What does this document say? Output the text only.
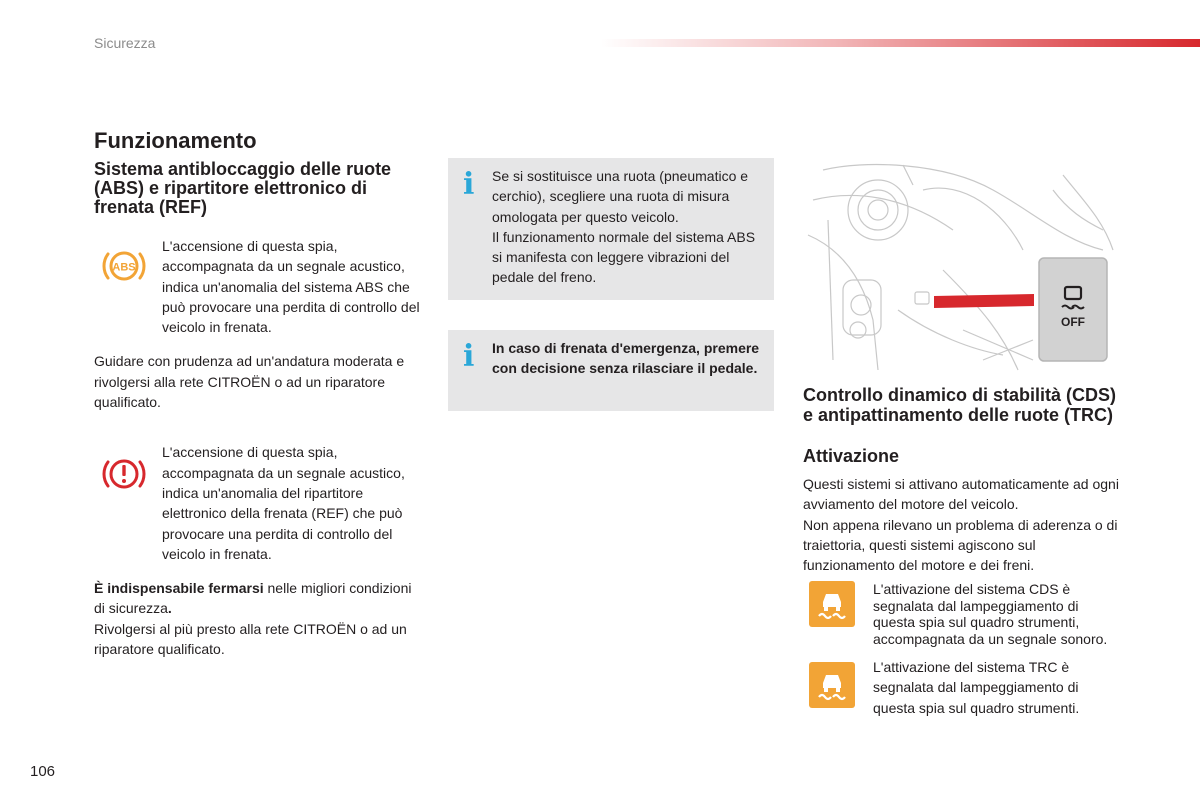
Sicurezza
Funzionamento
Sistema antibloccaggio delle ruote (ABS) e ripartitore elettronico di frenata (REF)
ABS
L'accensione di questa spia, accompagnata da un segnale acustico, indica un'anomalia del sistema ABS che può provocare una perdita di controllo del veicolo in frenata.

Guidare con prudenza ad un'andatura moderata e rivolgersi alla rete CITROËN o ad un riparatore qualificato.

L'accensione di questa spia, accompagnata da un segnale acustico, indica un'anomalia del ripartitore elettronico della frenata (REF) che può provocare una perdita di controllo del veicolo in frenata.

È indispensabile fermarsi nelle migliori condizioni di sicurezza.

Rivolgersi al più presto alla rete CITROËN o ad un riparatore qualificato.

i	Se si sostituisce una ruota (pneumatico e cerchio), scegliere una ruota di misura omologata per questo veicolo.
Il funzionamento normale del sistema ABS si manifesta con leggere vibrazioni del pedale del freno.
i	In caso di frenata d'emergenza, premere con decisione senza rilasciare il pedale.
OFF
Controllo dinamico di stabilità (CDS) e antipattinamento delle ruote (TRC)
Attivazione

Questi sistemi si attivano automaticamente ad ogni avviamento del motore del veicolo.

Non appena rilevano un problema di aderenza o di traiettoria, questi sistemi agiscono sul funzionamento del motore e dei freni.

L'attivazione del sistema CDS è segnalata dal lampeggiamento di questa spia sul quadro strumenti, accompagnata da un segnale sonoro.
L'attivazione del sistema TRC è segnalata dal lampeggiamento di questa spia sul quadro strumenti.
106
